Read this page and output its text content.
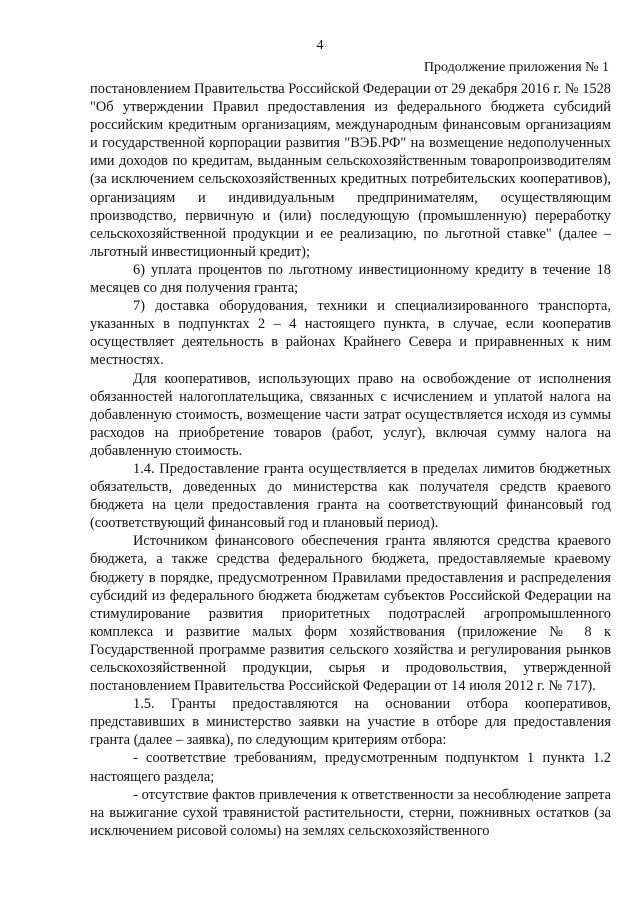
4
Продолжение приложения № 1

постановлением Правительства Российской Федерации от 29 декабря 2016 г. № 1528 "Об утверждении Правил предоставления из федерального бюджета субсидий российским кредитным организациям, международным финансовым организациям и государственной корпорации развития "ВЭБ.РФ" на возмещение недополученных ими доходов по кредитам, выданным сельскохозяйственным товаропроизводителям (за исключением сельскохозяйственных кредитных потребительских кооперативов), организациям и индивидуальным предпринимателям, осуществляющим производство, первичную и (или) последующую (промышленную) переработку сельскохозяйственной продукции и ее реализацию, по льготной ставке" (далее – льготный инвестиционный кредит);

6) уплата процентов по льготному инвестиционному кредиту в течение 18 месяцев со дня получения гранта;

7) доставка оборудования, техники и специализированного транспорта, указанных в подпунктах 2 – 4 настоящего пункта, в случае, если кооператив осуществляет деятельность в районах Крайнего Севера и приравненных к ним местностях.

Для кооперативов, использующих право на освобождение от исполнения обязанностей налогоплательщика, связанных с исчислением и уплатой налога на добавленную стоимость, возмещение части затрат осуществляется исходя из суммы расходов на приобретение товаров (работ, услуг), включая сумму налога на добавленную стоимость.

1.4. Предоставление гранта осуществляется в пределах лимитов бюджетных обязательств, доведенных до министерства как получателя средств краевого бюджета на цели предоставления гранта на соответствующий финансовый год (соответствующий финансовый год и плановый период).

Источником финансового обеспечения гранта являются средства краевого бюджета, а также средства федерального бюджета, предоставляемые краевому бюджету в порядке, предусмотренном Правилами предоставления и распределения субсидий из федерального бюджета бюджетам субъектов Российской Федерации на стимулирование развития приоритетных подотраслей агропромышленного комплекса и развитие малых форм хозяйствования (приложение № 8 к Государственной программе развития сельского хозяйства и регулирования рынков сельскохозяйственной продукции, сырья и продовольствия, утвержденной постановлением Правительства Российской Федерации от 14 июля 2012 г. № 717).

1.5. Гранты предоставляются на основании отбора кооперативов, представивших в министерство заявки на участие в отборе для предоставления гранта (далее – заявка), по следующим критериям отбора:

- соответствие требованиям, предусмотренным подпунктом 1 пункта 1.2 настоящего раздела;

- отсутствие фактов привлечения к ответственности за несоблюдение запрета на выжигание сухой травянистой растительности, стерни, пожнивных остатков (за исключением рисовой соломы) на землях сельскохозяйственного
